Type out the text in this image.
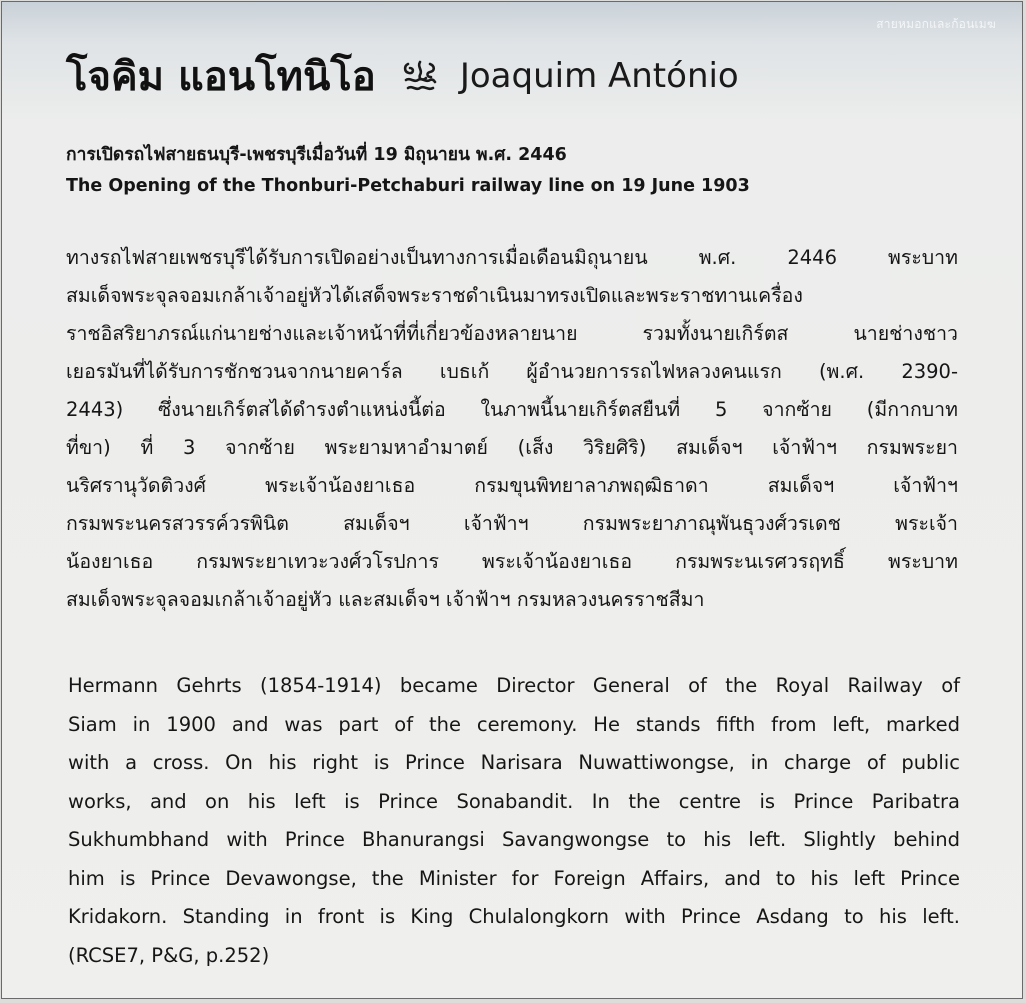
สายหมอกและก้อนเมฆ
โจคิม แอนโทนิโอ Joaquim António
การเปิดรถไฟสายธนบุรี-เพชรบุรีเมื่อวันที่ 19 มิถุนายน พ.ศ. 2446
The Opening of the Thonburi-Petchaburi railway line on 19 June 1903
ทางรถไฟสายเพชรบุรีได้รับการเปิดอย่างเป็นทางการเมื่อเดือนมิถุนายน พ.ศ. 2446 พระบาท
สมเด็จพระจุลจอมเกล้าเจ้าอยู่หัวได้เสด็จพระราชดำเนินมาทรงเปิดและพระราชทานเครื่อง
ราชอิสริยาภรณ์แก่นายช่างและเจ้าหน้าที่ที่เกี่ยวข้องหลายนาย รวมทั้งนายเกิร์ตส นายช่างชาว
เยอรมันที่ได้รับการชักชวนจากนายคาร์ล เบธเก้ ผู้อำนวยการรถไฟหลวงคนแรก (พ.ศ. 2390-
2443) ซึ่งนายเกิร์ตสได้ดำรงตำแหน่งนี้ต่อ ในภาพนี้นายเกิร์ตสยืนที่ 5 จากซ้าย (มีกากบาท
ที่ขา) ที่ 3 จากซ้าย พระยามหาอำมาตย์ (เส็ง วิริยศิริ) สมเด็จฯ เจ้าฟ้าฯ กรมพระยา
นริศรานุวัดติวงศ์ พระเจ้าน้องยาเธอ กรมขุนพิทยาลาภพฤฒิธาดา สมเด็จฯ เจ้าฟ้าฯ
กรมพระนครสวรรค์วรพินิต สมเด็จฯ เจ้าฟ้าฯ กรมพระยาภาณุพันธุวงศ์วรเดช พระเจ้า
น้องยาเธอ กรมพระยาเทวะวงศ์วโรปการ พระเจ้าน้องยาเธอ กรมพระนเรศวรฤทธิ์ พระบาท
สมเด็จพระจุลจอมเกล้าเจ้าอยู่หัว และสมเด็จฯ เจ้าฟ้าฯ กรมหลวงนครราชสีมา
Hermann Gehrts (1854-1914) became Director General of the Royal Railway of
Siam in 1900 and was part of the ceremony. He stands fifth from left, marked
with a cross. On his right is Prince Narisara Nuwattiwongse, in charge of public
works, and on his left is Prince Sonabandit. In the centre is Prince Paribatra
Sukhumbhand with Prince Bhanurangsi Savangwongse to his left. Slightly behind
him is Prince Devawongse, the Minister for Foreign Affairs, and to his left Prince
Kridakorn. Standing in front is King Chulalongkorn with Prince Asdang to his left.
(RCSE7, P&G, p.252)
